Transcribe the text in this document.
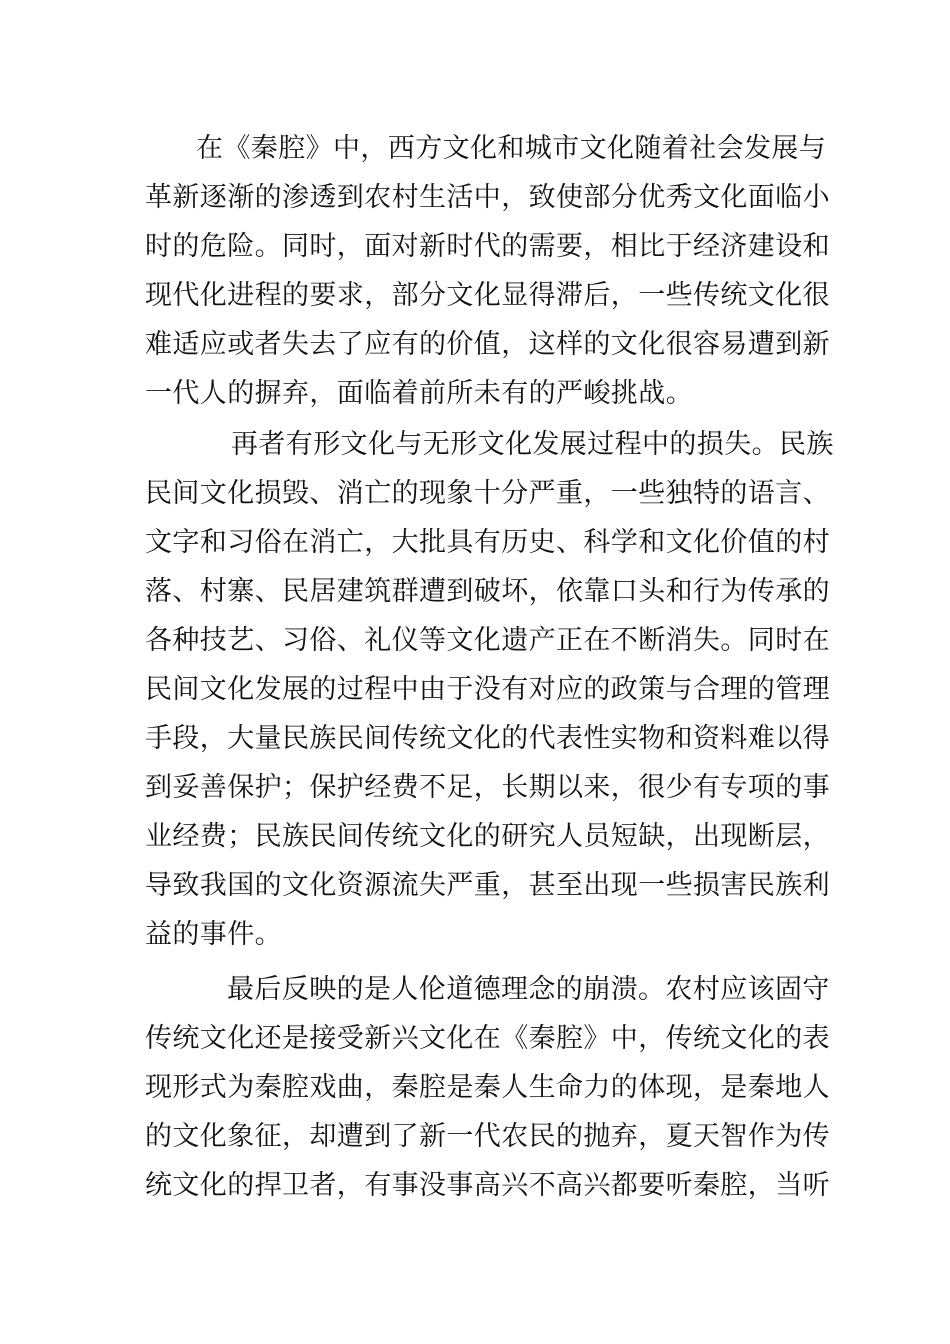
在《秦腔》中，西方文化和城市文化随着社会发展与
革新逐渐的渗透到农村生活中，致使部分优秀文化面临小
时的危险。同时，面对新时代的需要，相比于经济建设和
现代化进程的要求，部分文化显得滞后，一些传统文化很
难适应或者失去了应有的价值，这样的文化很容易遭到新
一代人的摒弃，面临着前所未有的严峻挑战。
再者有形文化与无形文化发展过程中的损失。民族
民间文化损毁、消亡的现象十分严重，一些独特的语言、
文字和习俗在消亡，大批具有历史、科学和文化价值的村
落、村寨、民居建筑群遭到破坏，依靠口头和行为传承的
各种技艺、习俗、礼仪等文化遗产正在不断消失。同时在
民间文化发展的过程中由于没有对应的政策与合理的管理
手段，大量民族民间传统文化的代表性实物和资料难以得
到妥善保护；保护经费不足，长期以来，很少有专项的事
业经费；民族民间传统文化的研究人员短缺，出现断层，
导致我国的文化资源流失严重，甚至出现一些损害民族利
益的事件。
最后反映的是人伦道德理念的崩溃。农村应该固守
传统文化还是接受新兴文化在《秦腔》中，传统文化的表
现形式为秦腔戏曲，秦腔是秦人生命力的体现，是秦地人
的文化象征，却遭到了新一代农民的抛弃，夏天智作为传
统文化的捍卫者，有事没事高兴不高兴都要听秦腔，当听
